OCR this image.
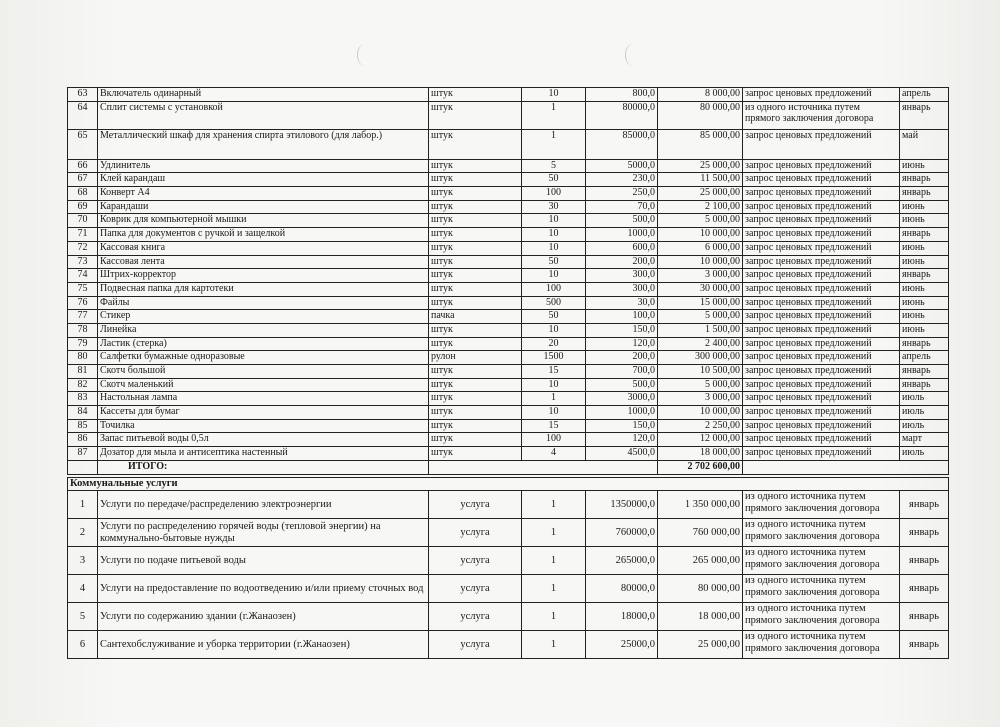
63	Включатель одинарный	штук	10	800,0	8 000,00	запрос ценовых предложений	апрель
64	Сплит системы с установкой	штук	1	80000,0	80 000,00	из одного источника путем прямого заключения договора	январь
65	Металлический шкаф для хранения спирта этилового (для лабор.)	штук	1	85000,0	85 000,00	запрос ценовых предложений	май
66	Удлинитель	штук	5	5000,0	25 000,00	запрос ценовых предложений	июнь
67	Клей карандаш	штук	50	230,0	11 500,00	запрос ценовых предложений	январь
68	Конверт А4	штук	100	250,0	25 000,00	запрос ценовых предложений	январь
69	Карандаши	штук	30	70,0	2 100,00	запрос ценовых предложений	июнь
70	Коврик для компьютерной мышки	штук	10	500,0	5 000,00	запрос ценовых предложений	июнь
71	Папка для документов с ручкой и защелкой	штук	10	1000,0	10 000,00	запрос ценовых предложений	январь
72	Кассовая книга	штук	10	600,0	6 000,00	запрос ценовых предложений	июнь
73	Кассовая лента	штук	50	200,0	10 000,00	запрос ценовых предложений	июнь
74	Штрих-корректор	штук	10	300,0	3 000,00	запрос ценовых предложений	январь
75	Подвесная папка для картотеки	штук	100	300,0	30 000,00	запрос ценовых предложений	июнь
76	Файлы	штук	500	30,0	15 000,00	запрос ценовых предложений	июнь
77	Стикер	пачка	50	100,0	5 000,00	запрос ценовых предложений	июнь
78	Линейка	штук	10	150,0	1 500,00	запрос ценовых предложений	июнь
79	Ластик (стерка)	штук	20	120,0	2 400,00	запрос ценовых предложений	январь
80	Салфетки бумажные одноразовые	рулон	1500	200,0	300 000,00	запрос ценовых предложений	апрель
81	Скотч большой	штук	15	700,0	10 500,00	запрос ценовых предложений	январь
82	Скотч маленький	штук	10	500,0	5 000,00	запрос ценовых предложений	январь
83	Настольная лампа	штук	1	3000,0	3 000,00	запрос ценовых предложений	июль
84	Кассеты для бумаг	штук	10	1000,0	10 000,00	запрос ценовых предложений	июль
85	Точилка	штук	15	150,0	2 250,00	запрос ценовых предложений	июль
86	Запас питьевой воды 0,5л	штук	100	120,0	12 000,00	запрос ценовых предложений	март
87	Дозатор для мыла и антисептика настенный	штук	4	4500,0	18 000,00	запрос ценовых предложений	июль
	ИТОГО:				2 702 600,00		
Коммунальные услуги							
1	Услуги по передаче/распределению электроэнергии	услуга	1	1350000,0	1 350 000,00	из одного источника путем прямого заключения договора	январь
2	Услуги по распределению горячей воды (тепловой энергии) на коммунально-бытовые нужды	услуга	1	760000,0	760 000,00	из одного источника путем прямого заключения договора	январь
3	Услуги по подаче питьевой воды	услуга	1	265000,0	265 000,00	из одного источника путем прямого заключения договора	январь
4	Услуги на предоставление по водоотведению и/или приему сточных вод	услуга	1	80000,0	80 000,00	из одного источника путем прямого заключения договора	январь
5	Услуги по содержанию здании (г.Жанаозен)	услуга	1	18000,0	18 000,00	из одного источника путем прямого заключения договора	январь
6	Сантехобслуживание и уборка территории (г.Жанаозен)	услуга	1	25000,0	25 000,00	из одного источника путем прямого заключения договора	январь
